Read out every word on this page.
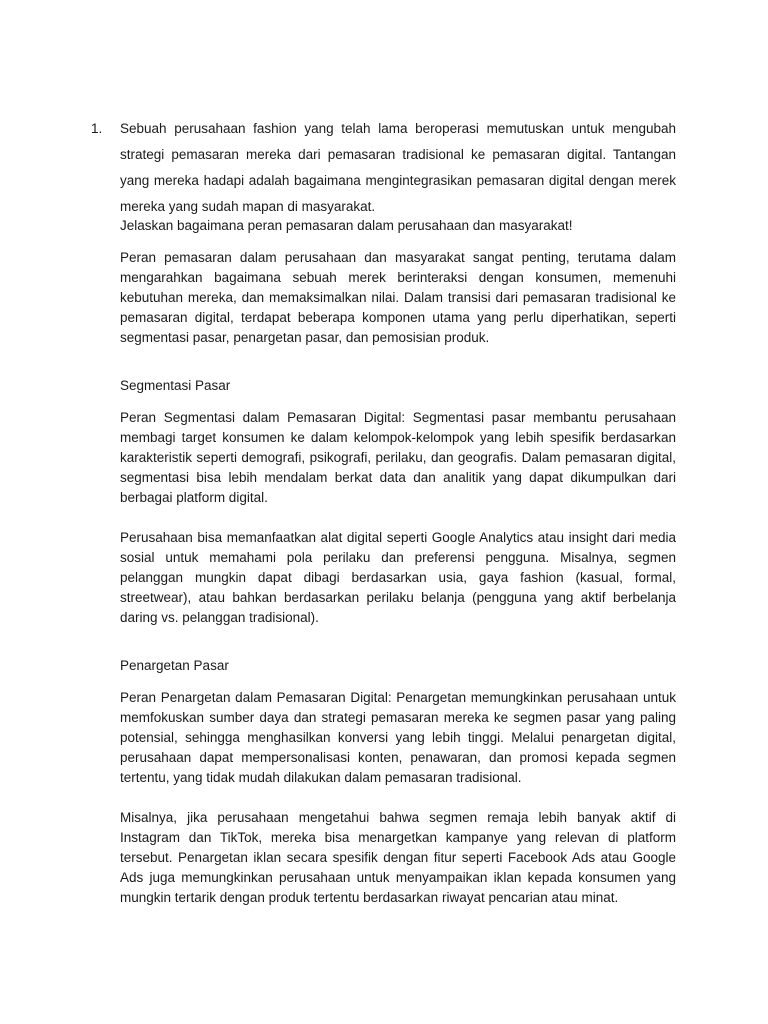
1. Sebuah perusahaan fashion yang telah lama beroperasi memutuskan untuk mengubah strategi pemasaran mereka dari pemasaran tradisional ke pemasaran digital. Tantangan yang mereka hadapi adalah bagaimana mengintegrasikan pemasaran digital dengan merek mereka yang sudah mapan di masyarakat.

Jelaskan bagaimana peran pemasaran dalam perusahaan dan masyarakat!

Peran pemasaran dalam perusahaan dan masyarakat sangat penting, terutama dalam mengarahkan bagaimana sebuah merek berinteraksi dengan konsumen, memenuhi kebutuhan mereka, dan memaksimalkan nilai. Dalam transisi dari pemasaran tradisional ke pemasaran digital, terdapat beberapa komponen utama yang perlu diperhatikan, seperti segmentasi pasar, penargetan pasar, dan pemosisian produk.

Segmentasi Pasar

Peran Segmentasi dalam Pemasaran Digital: Segmentasi pasar membantu perusahaan membagi target konsumen ke dalam kelompok-kelompok yang lebih spesifik berdasarkan karakteristik seperti demografi, psikografi, perilaku, dan geografis. Dalam pemasaran digital, segmentasi bisa lebih mendalam berkat data dan analitik yang dapat dikumpulkan dari berbagai platform digital.

Perusahaan bisa memanfaatkan alat digital seperti Google Analytics atau insight dari media sosial untuk memahami pola perilaku dan preferensi pengguna. Misalnya, segmen pelanggan mungkin dapat dibagi berdasarkan usia, gaya fashion (kasual, formal, streetwear), atau bahkan berdasarkan perilaku belanja (pengguna yang aktif berbelanja daring vs. pelanggan tradisional).

Penargetan Pasar

Peran Penargetan dalam Pemasaran Digital: Penargetan memungkinkan perusahaan untuk memfokuskan sumber daya dan strategi pemasaran mereka ke segmen pasar yang paling potensial, sehingga menghasilkan konversi yang lebih tinggi. Melalui penargetan digital, perusahaan dapat mempersonalisasi konten, penawaran, dan promosi kepada segmen tertentu, yang tidak mudah dilakukan dalam pemasaran tradisional.

Misalnya, jika perusahaan mengetahui bahwa segmen remaja lebih banyak aktif di Instagram dan TikTok, mereka bisa menargetkan kampanye yang relevan di platform tersebut. Penargetan iklan secara spesifik dengan fitur seperti Facebook Ads atau Google Ads juga memungkinkan perusahaan untuk menyampaikan iklan kepada konsumen yang mungkin tertarik dengan produk tertentu berdasarkan riwayat pencarian atau minat.
